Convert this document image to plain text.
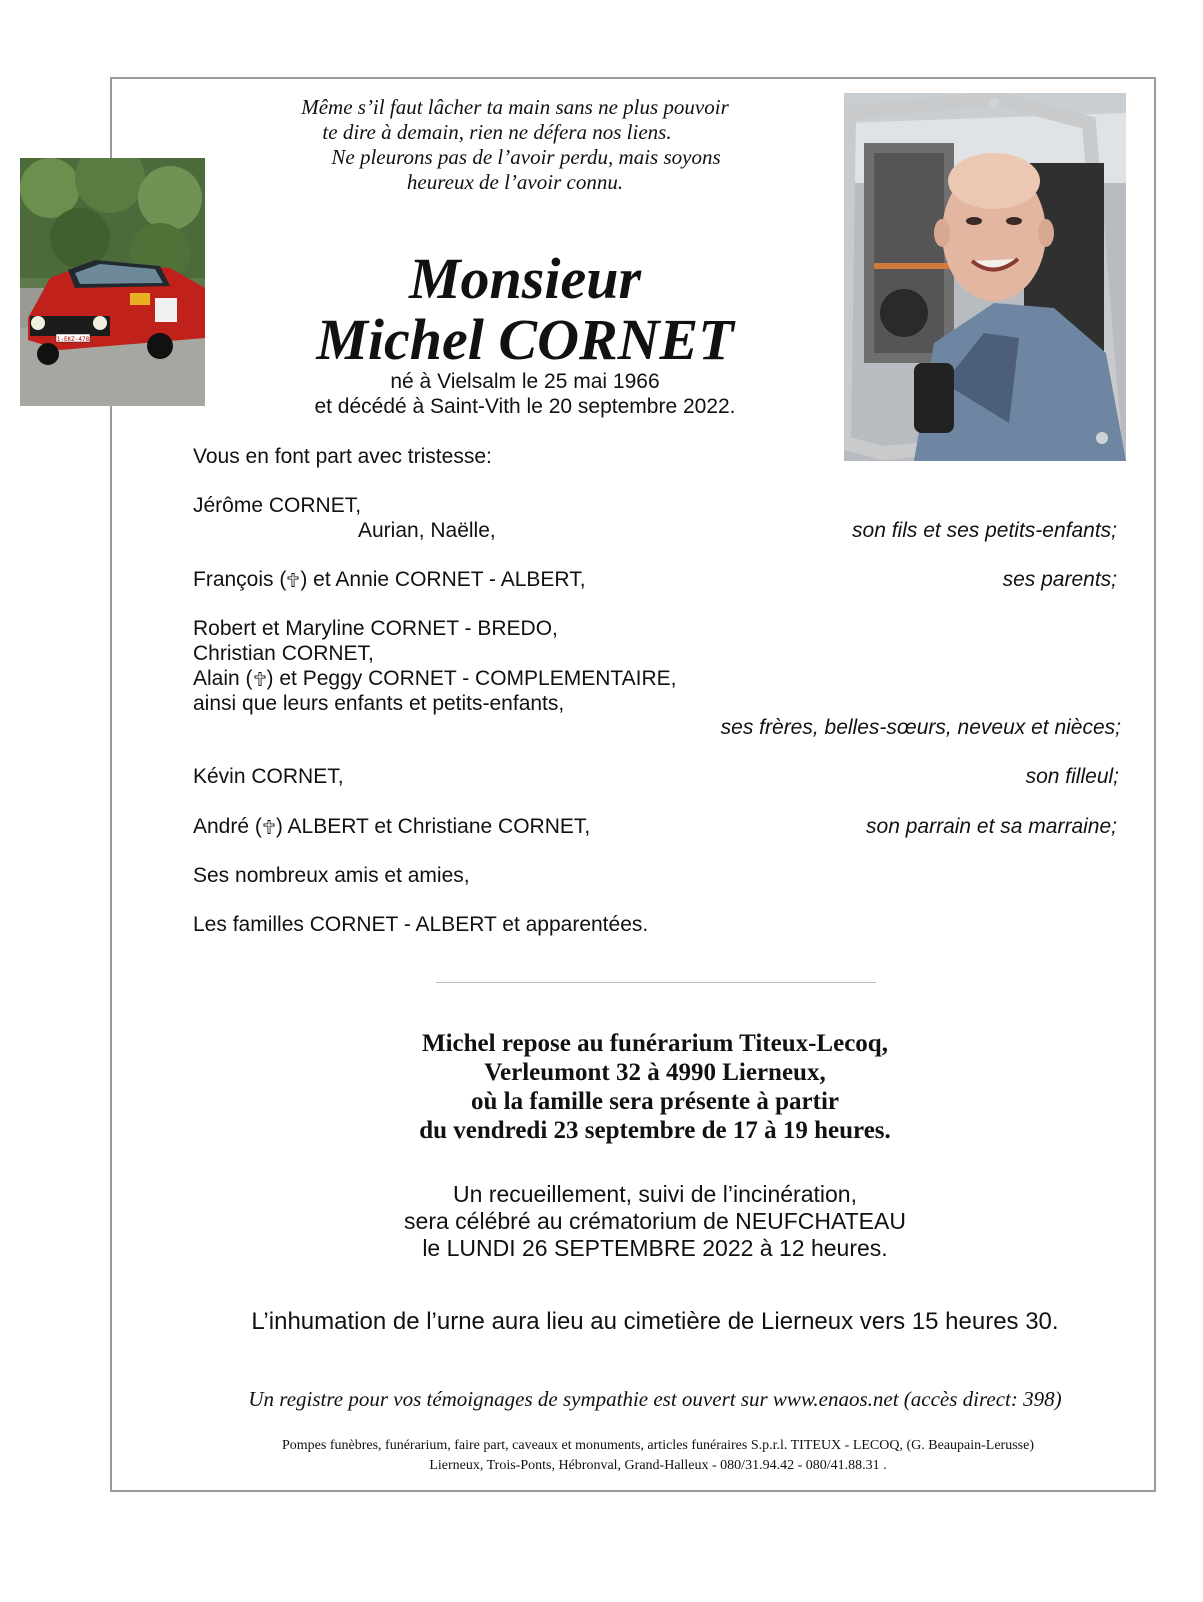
1-EKZ-478
Même s’il faut lâcher ta main sans ne plus pouvoir
te dire à demain, rien ne défera nos liens.
Ne pleurons pas de l’avoir perdu, mais soyons
heureux de l’avoir connu.
Monsieur
Michel CORNET
né à Vielsalm le 25 mai 1966
et décédé à Saint-Vith le 20 septembre 2022.
Vous en font part avec tristesse:
Jérôme CORNET,
Aurian, Naëlle,	son fils et ses petits-enfants;
François ( ) et Annie CORNET - ALBERT,	ses parents;
Robert et Maryline CORNET - BREDO,
Christian CORNET,
Alain ( ) et Peggy CORNET - COMPLEMENTAIRE,
ainsi que leurs enfants et petits-enfants,
ses frères, belles-sœurs, neveux et nièces;
Kévin CORNET,	son filleul;
André ( ) ALBERT et Christiane CORNET,	son parrain et sa marraine;
Ses nombreux amis et amies,
Les familles CORNET - ALBERT et apparentées.
Michel repose au funérarium Titeux-Lecoq,
Verleumont 32 à 4990 Lierneux,
où la famille sera présente à partir
du vendredi 23 septembre de 17 à 19 heures.
Un recueillement, suivi de l’incinération,
sera célébré au crématorium de NEUFCHATEAU
le LUNDI 26 SEPTEMBRE 2022 à 12 heures.
L’inhumation de l’urne aura lieu au cimetière de Lierneux vers 15 heures 30.
Un registre pour vos témoignages de sympathie est ouvert sur www.enaos.net (accès direct: 398)
Pompes funèbres, funérarium, faire part, caveaux et monuments, articles funéraires S.p.r.l. TITEUX - LECOQ, (G. Beaupain-Lerusse)
Lierneux, Trois-Ponts, Hébronval, Grand-Halleux - 080/31.94.42 - 080/41.88.31 .
